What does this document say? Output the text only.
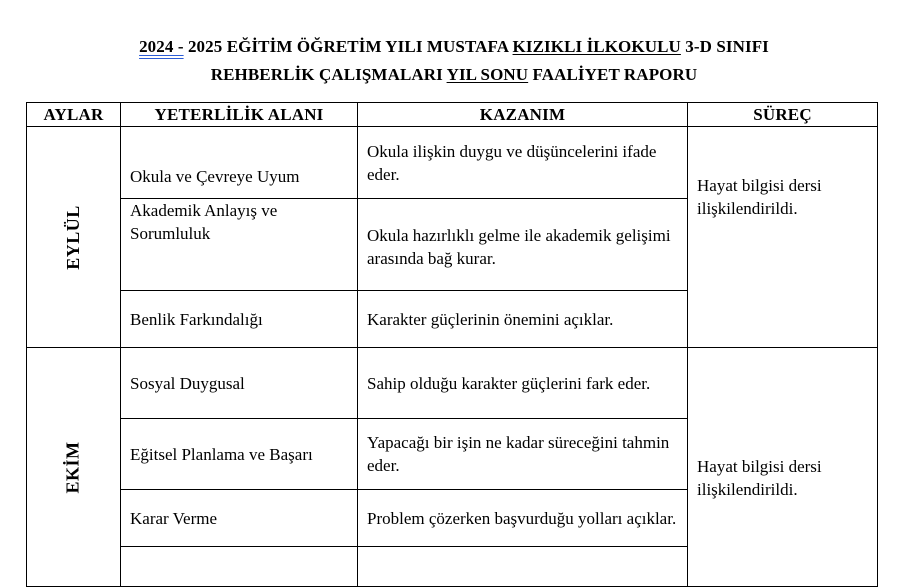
2024 - 2025 EĞİTİM ÖĞRETİM YILI MUSTAFA KIZIKLI İLKOKULU 3-D SINIFI
REHBERLİK ÇALIŞMALARI YIL SONU FAALİYET RAPORU
AYLAR	YETERLİLİK ALANI	KAZANIM	SÜREÇ
EYLÜL	Okula ve Çevreye Uyum	Okula ilişkin duygu ve düşüncelerini ifade eder.	Hayat bilgisi dersi ilişkilendirildi.

	Akademik Anlayış ve Sorumluluk	Okula hazırlıklı gelme ile akademik gelişimi arasında bağ kurar.	

	Benlik Farkındalığı	Karakter güçlerinin önemini açıklar.	

EKİM	Sosyal Duygusal	Sahip olduğu karakter güçlerini fark eder.	Hayat bilgisi dersi ilişkilendirildi.

	Eğitsel Planlama ve Başarı	Yapacağı bir işin ne kadar süreceğini tahmin eder.	

	Karar Verme	Problem çözerken başvurduğu yolları açıklar.	
